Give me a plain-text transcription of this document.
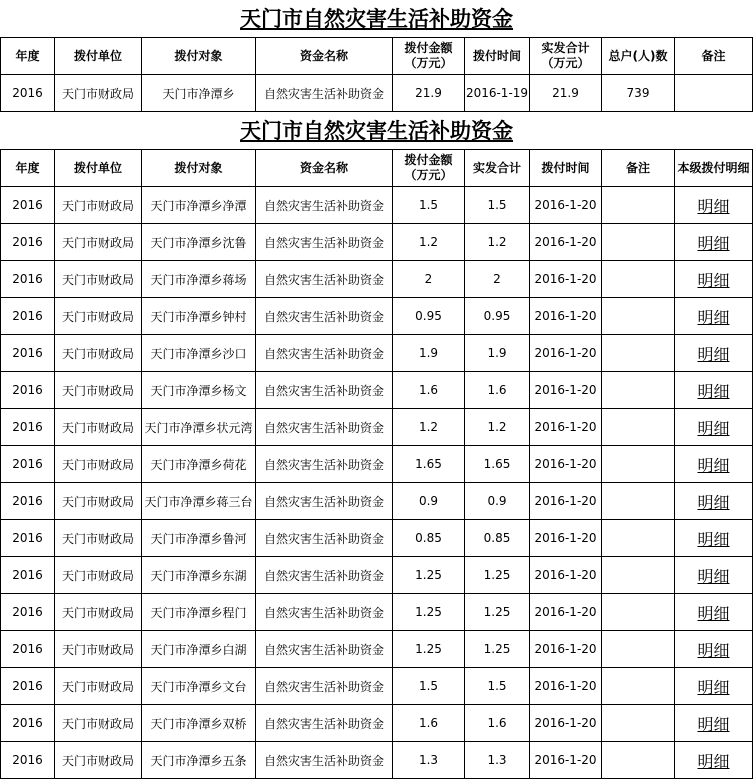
天门市自然灾害生活补助资金
年度	拨付单位	拨付对象	资金名称	拨付金额（万元）	拨付时间	实发合计（万元）	总户(人)数	备注
2016	天门市财政局	天门市净潭乡	自然灾害生活补助资金	21.9	2016-1-19	21.9	739	
天门市自然灾害生活补助资金
年度	拨付单位	拨付对象	资金名称	拨付金额（万元）	实发合计	拨付时间	备注	本级拨付明细
2016	天门市财政局	天门市净潭乡净潭	自然灾害生活补助资金	1.5	1.5	2016-1-20		明细
2016	天门市财政局	天门市净潭乡沈鲁	自然灾害生活补助资金	1.2	1.2	2016-1-20		明细
2016	天门市财政局	天门市净潭乡蒋场	自然灾害生活补助资金	2	2	2016-1-20		明细
2016	天门市财政局	天门市净潭乡钟村	自然灾害生活补助资金	0.95	0.95	2016-1-20		明细
2016	天门市财政局	天门市净潭乡沙口	自然灾害生活补助资金	1.9	1.9	2016-1-20		明细
2016	天门市财政局	天门市净潭乡杨文	自然灾害生活补助资金	1.6	1.6	2016-1-20		明细
2016	天门市财政局	天门市净潭乡状元湾	自然灾害生活补助资金	1.2	1.2	2016-1-20		明细
2016	天门市财政局	天门市净潭乡荷花	自然灾害生活补助资金	1.65	1.65	2016-1-20		明细
2016	天门市财政局	天门市净潭乡蒋三台	自然灾害生活补助资金	0.9	0.9	2016-1-20		明细
2016	天门市财政局	天门市净潭乡鲁河	自然灾害生活补助资金	0.85	0.85	2016-1-20		明细
2016	天门市财政局	天门市净潭乡东湖	自然灾害生活补助资金	1.25	1.25	2016-1-20		明细
2016	天门市财政局	天门市净潭乡程门	自然灾害生活补助资金	1.25	1.25	2016-1-20		明细
2016	天门市财政局	天门市净潭乡白湖	自然灾害生活补助资金	1.25	1.25	2016-1-20		明细
2016	天门市财政局	天门市净潭乡文台	自然灾害生活补助资金	1.5	1.5	2016-1-20		明细
2016	天门市财政局	天门市净潭乡双桥	自然灾害生活补助资金	1.6	1.6	2016-1-20		明细
2016	天门市财政局	天门市净潭乡五条	自然灾害生活补助资金	1.3	1.3	2016-1-20		明细
